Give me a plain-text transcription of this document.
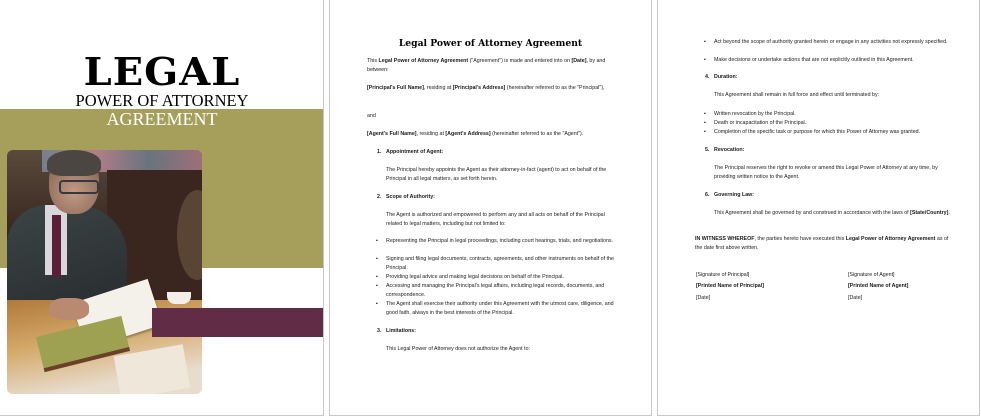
LEGAL
POWER OF ATTORNEY
AGREEMENT
Legal Power of Attorney Agreement

This Legal Power of Attorney Agreement ("Agreement") is made and entered into on [Date], by and between:

[Principal's Full Name], residing at [Principal's Address] (hereinafter referred to as the "Principal"),

and

[Agent's Full Name], residing at [Agent's Address] (hereinafter referred to as the "Agent").

1. Appointment of Agent:

The Principal hereby appoints the Agent as their attorney-in-fact (agent) to act on behalf of the Principal in all legal matters, as set forth herein.

2. Scope of Authority:

The Agent is authorized and empowered to perform any and all acts on behalf of the Principal related to legal matters, including but not limited to:

▪ Representing the Principal in legal proceedings, including court hearings, trials, and negotiations.
▪ Signing and filing legal documents, contracts, agreements, and other instruments on behalf of the Principal.
▪ Providing legal advice and making legal decisions on behalf of the Principal.
▪ Accessing and managing the Principal's legal affairs, including legal records, documents, and correspondence.
▪ The Agent shall exercise their authority under this Agreement with the utmost care, diligence, and good faith, always in the best interests of the Principal.
3. Limitations:

This Legal Power of Attorney does not authorize the Agent to:

▪ Act beyond the scope of authority granted herein or engage in any activities not expressly specified.
▪ Make decisions or undertake actions that are not explicitly outlined in this Agreement.
4. Duration:

This Agreement shall remain in full force and effect until terminated by:

▪ Written revocation by the Principal.
▪ Death or incapacitation of the Principal.
▪ Completion of the specific task or purpose for which this Power of Attorney was granted.
5. Revocation:

The Principal reserves the right to revoke or amend this Legal Power of Attorney at any time, by providing written notice to the Agent.

6. Governing Law:

This Agreement shall be governed by and construed in accordance with the laws of [State/Country].

IN WITNESS WHEREOF, the parties hereto have executed this Legal Power of Attorney Agreement as of the date first above written.

[Signature of Principal]
[Printed Name of Principal]
[Date]
[Signature of Agent]
[Printed Name of Agent]
[Date]
